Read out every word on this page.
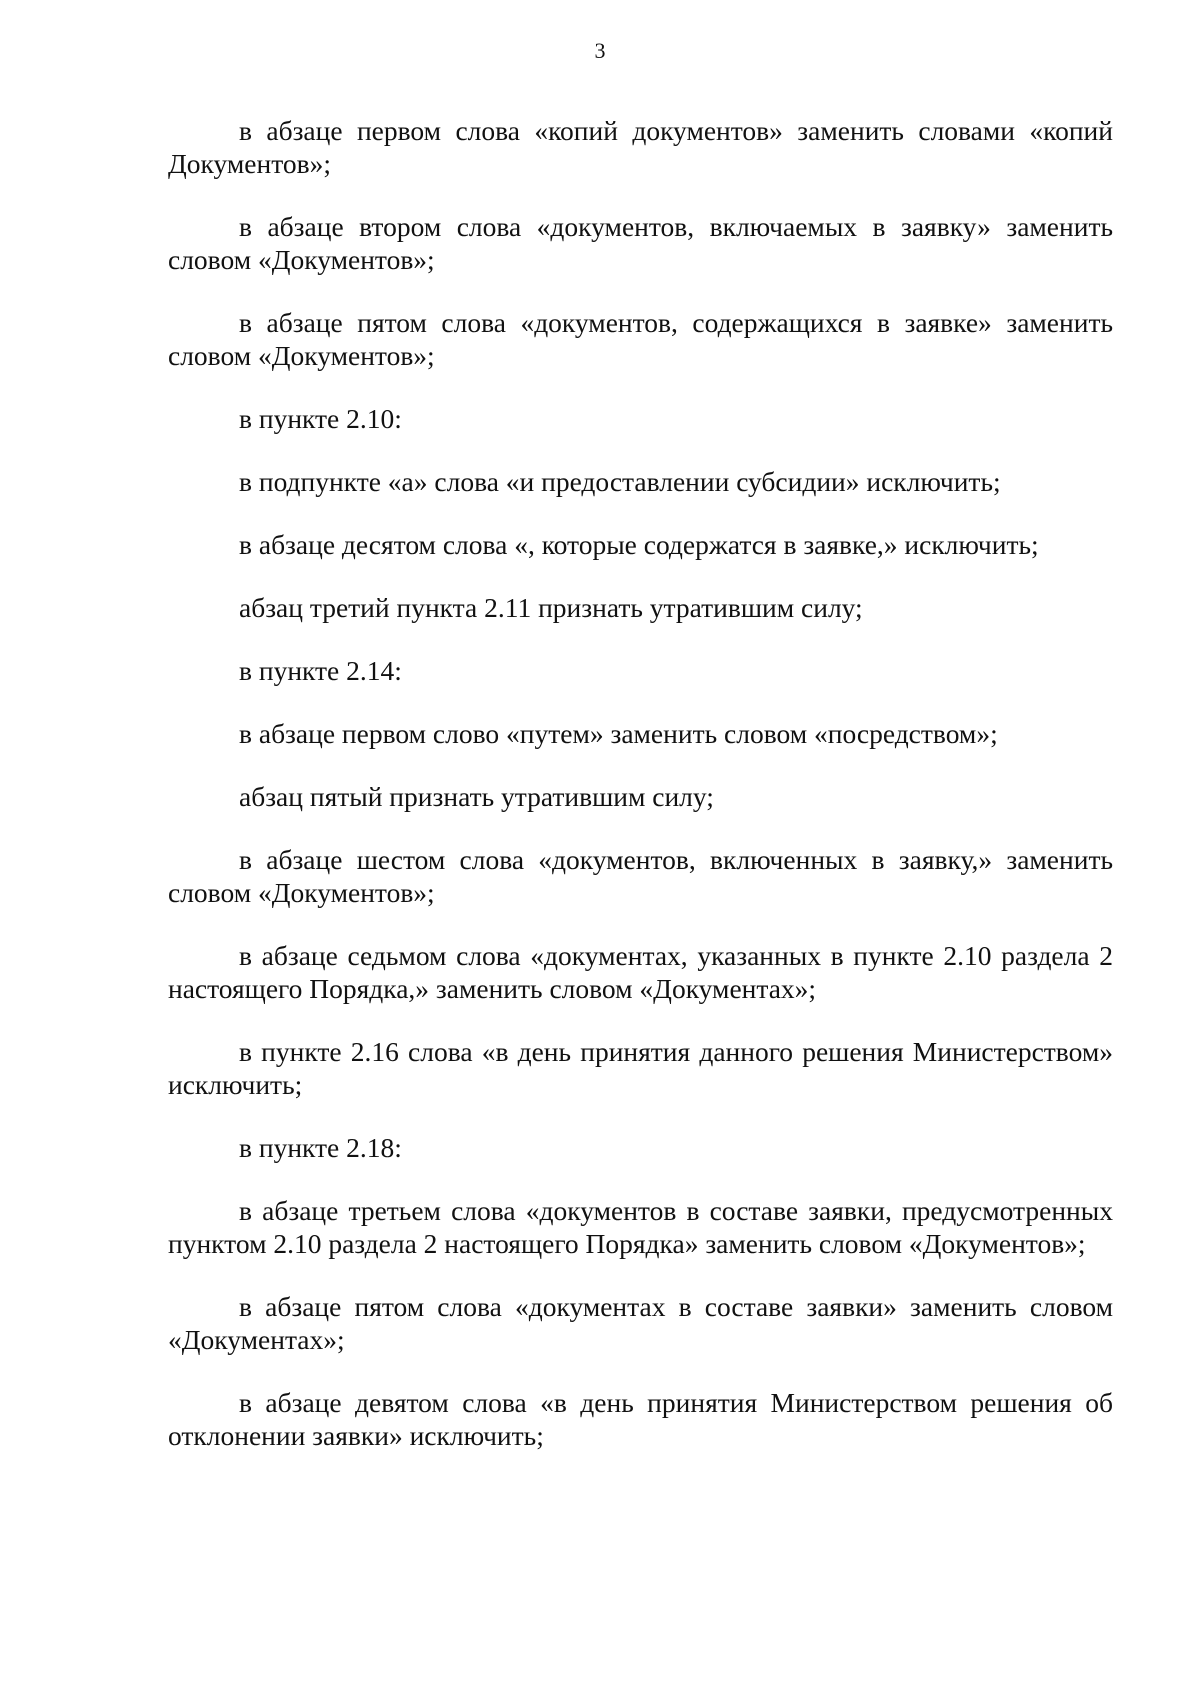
3

в абзаце первом слова «копий документов» заменить словами «копий Документов»;

в абзаце втором слова «документов, включаемых в заявку» заменить словом «Документов»;

в абзаце пятом слова «документов, содержащихся в заявке» заменить словом «Документов»;

в пункте 2.10:

в подпункте «а» слова «и предоставлении субсидии» исключить;

в абзаце десятом слова «, которые содержатся в заявке,» исключить;

абзац третий пункта 2.11 признать утратившим силу;

в пункте 2.14:

в абзаце первом слово «путем» заменить словом «посредством»;

абзац пятый признать утратившим силу;

в абзаце шестом слова «документов, включенных в заявку,» заменить словом «Документов»;

в абзаце седьмом слова «документах, указанных в пункте 2.10 раздела 2 настоящего Порядка,» заменить словом «Документах»;

в пункте 2.16 слова «в день принятия данного решения Министерством» исключить;

в пункте 2.18:

в абзаце третьем слова «документов в составе заявки, предусмотренных пунктом 2.10 раздела 2 настоящего Порядка» заменить словом «Документов»;

в абзаце пятом слова «документах в составе заявки» заменить словом «Документах»;

в абзаце девятом слова «в день принятия Министерством решения об отклонении заявки» исключить;
